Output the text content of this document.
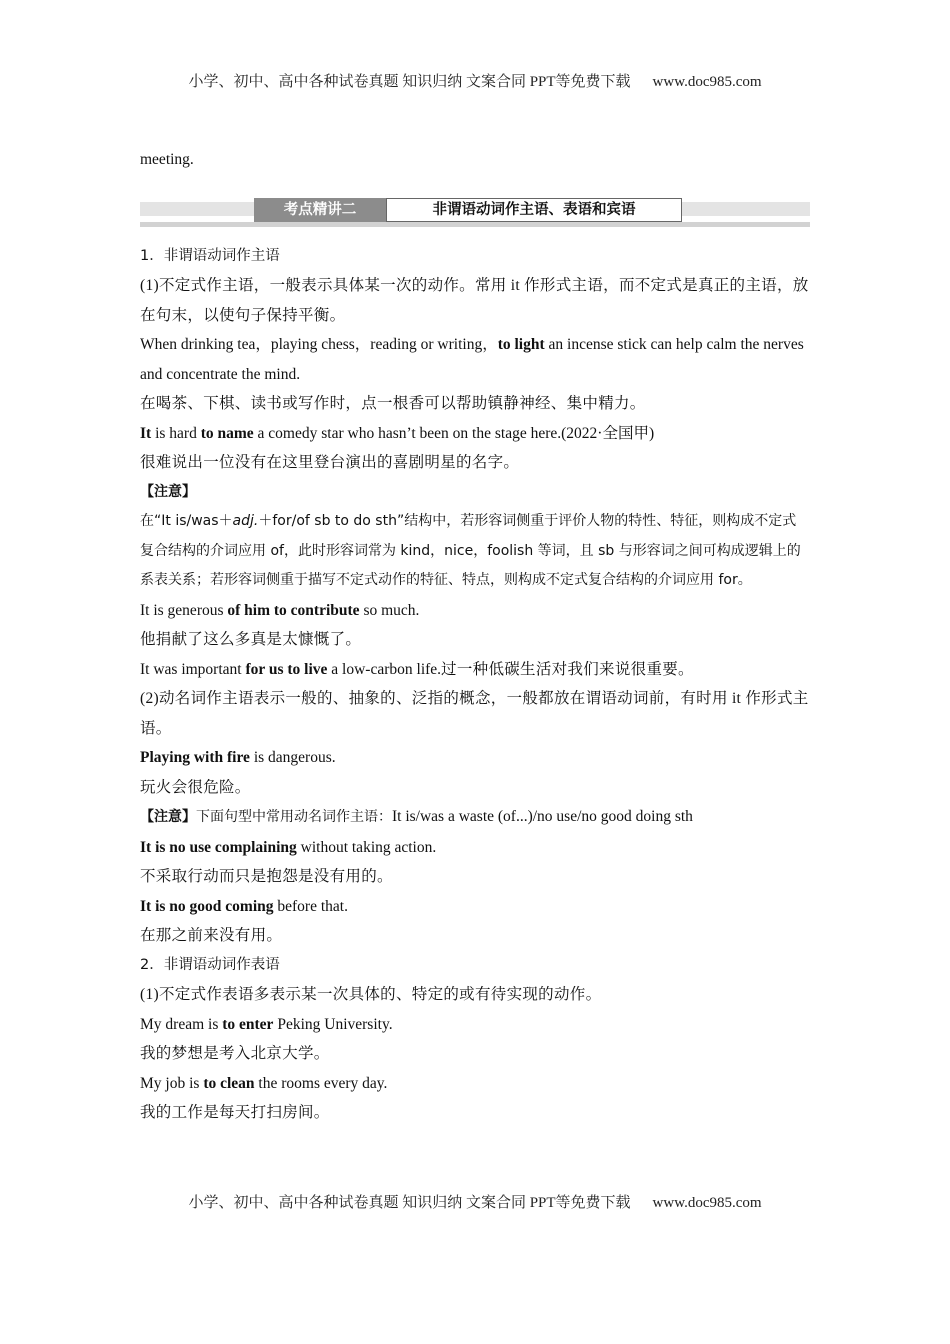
小学、初中、高中各种试卷真题 知识归纳 文案合同 PPT等免费下载 www.doc985.com

meeting.

考点精讲二	非谓语动词作主语、表语和宾语

1．非谓语动词作主语

(1)不定式作主语，一般表示具体某一次的动作。常用 it 作形式主语，而不定式是真正的主语，放在句末，以使句子保持平衡。

When drinking tea，playing chess，reading or writing，to light an incense stick can help calm the nerves and concentrate the mind.

在喝茶、下棋、读书或写作时，点一根香可以帮助镇静神经、集中精力。

It is hard to name a comedy star who hasn’t been on the stage here.(2022·全国甲)

很难说出一位没有在这里登台演出的喜剧明星的名字。

【注意】

在“It is/was＋adj.＋for/of sb to do sth”结构中，若形容词侧重于评价人物的特性、特征，则构成不定式复合结构的介词应用 of，此时形容词常为 kind，nice，foolish 等词，且 sb 与形容词之间可构成逻辑上的系表关系；若形容词侧重于描写不定式动作的特征、特点，则构成不定式复合结构的介词应用 for。

It is generous of him to contribute so much.

他捐献了这么多真是太慷慨了。

It was important for us to live a low-carbon life.过一种低碳生活对我们来说很重要。

(2)动名词作主语表示一般的、抽象的、泛指的概念，一般都放在谓语动词前，有时用 it 作形式主语。

Playing with fire is dangerous.

玩火会很危险。

【注意】下面句型中常用动名词作主语：It is/was a waste (of...)/no use/no good doing sth

It is no use complaining without taking action.

不采取行动而只是抱怨是没有用的。

It is no good coming before that.

在那之前来没有用。

2．非谓语动词作表语

(1)不定式作表语多表示某一次具体的、特定的或有待实现的动作。

My dream is to enter Peking University.

我的梦想是考入北京大学。

My job is to clean the rooms every day.

我的工作是每天打扫房间。

小学、初中、高中各种试卷真题 知识归纳 文案合同 PPT等免费下载 www.doc985.com
